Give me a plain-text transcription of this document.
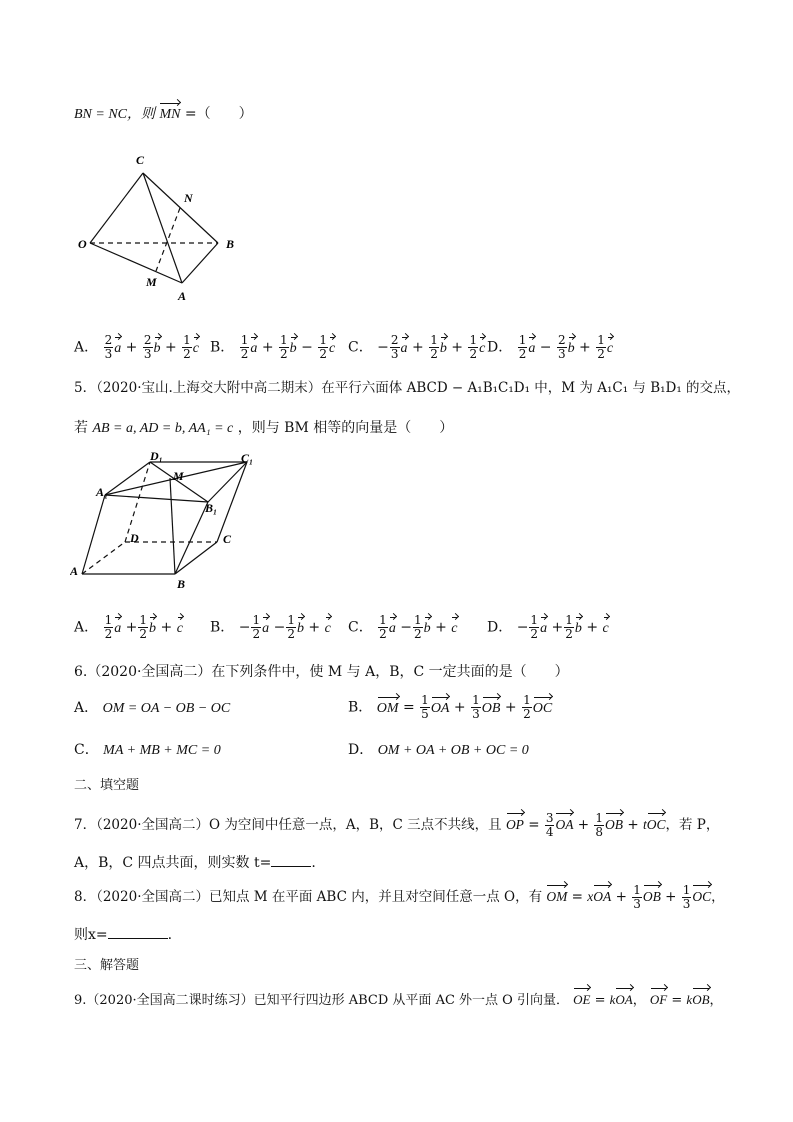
BN = NC，则 MN =（　　）
C
N
O	B
M
A
A． $\frac{2}{3}$ $a + \frac{2}{3}$ $b + \frac{1}{2}$ c B． $\frac{1}{2}$ $a + \frac{1}{2}$ $b - \frac{1}{2}$ c C． − $\frac{2}{3}$ $a + \frac{1}{2}$ $b + \frac{1}{2}$ c D． $\frac{1}{2}$ $a - \frac{2}{3}$ $b + \frac{1}{2}$ c
5．（2020·宝山.上海交大附中高二期末）在平行六面体 ABCD − A₁B₁C₁D₁ 中，M 为 A₁C₁ 与 B₁D₁ 的交点，
若 AB = a, AD = b, AA₁ = c ，则与 BM 相等的向量是（　　）
D₁
M
C₁
A₁
B₁
D	C
A
B
A． $\frac{1}{2}$ $a + \frac{1}{2}$ b + c B． − $\frac{1}{2}$ $a - \frac{1}{2}$ b + c C． $\frac{1}{2}$ $a - \frac{1}{2}$ b + c D． − $\frac{1}{2}$ $a + \frac{1}{2}$ b + c
6.（2020·全国高二）在下列条件中，使 M 与 A，B，C 一定共面的是（　　）
A． OM = OA − OB − OC	B． OM = $\frac{1}{5}$ OA + $\frac{1}{3}$ OB + $\frac{1}{2}$ OC
C． MA + MB + MC = 0	D． OM + OA + OB + OC = 0
二、填空题
7．（2020·全国高二）O 为空间中任意一点，A，B，C 三点不共线，且 OP = $\frac{3}{4}$ OA + $\frac{1}{8}$ OB + tOC，若 P，
A，B，C 四点共面，则实数 t=	.
8．（2020·全国高二）已知点 M 在平面 ABC 内，并且对空间任意一点 O，有 OM = xOA + $\frac{1}{3}$ OB + $\frac{1}{3}$ OC，
则x=	.
三、解答题
9.（2020·全国高二课时练习）已知平行四边形 ABCD 从平面 AC 外一点 O 引向量． OE = kOA， OF = kOB，
